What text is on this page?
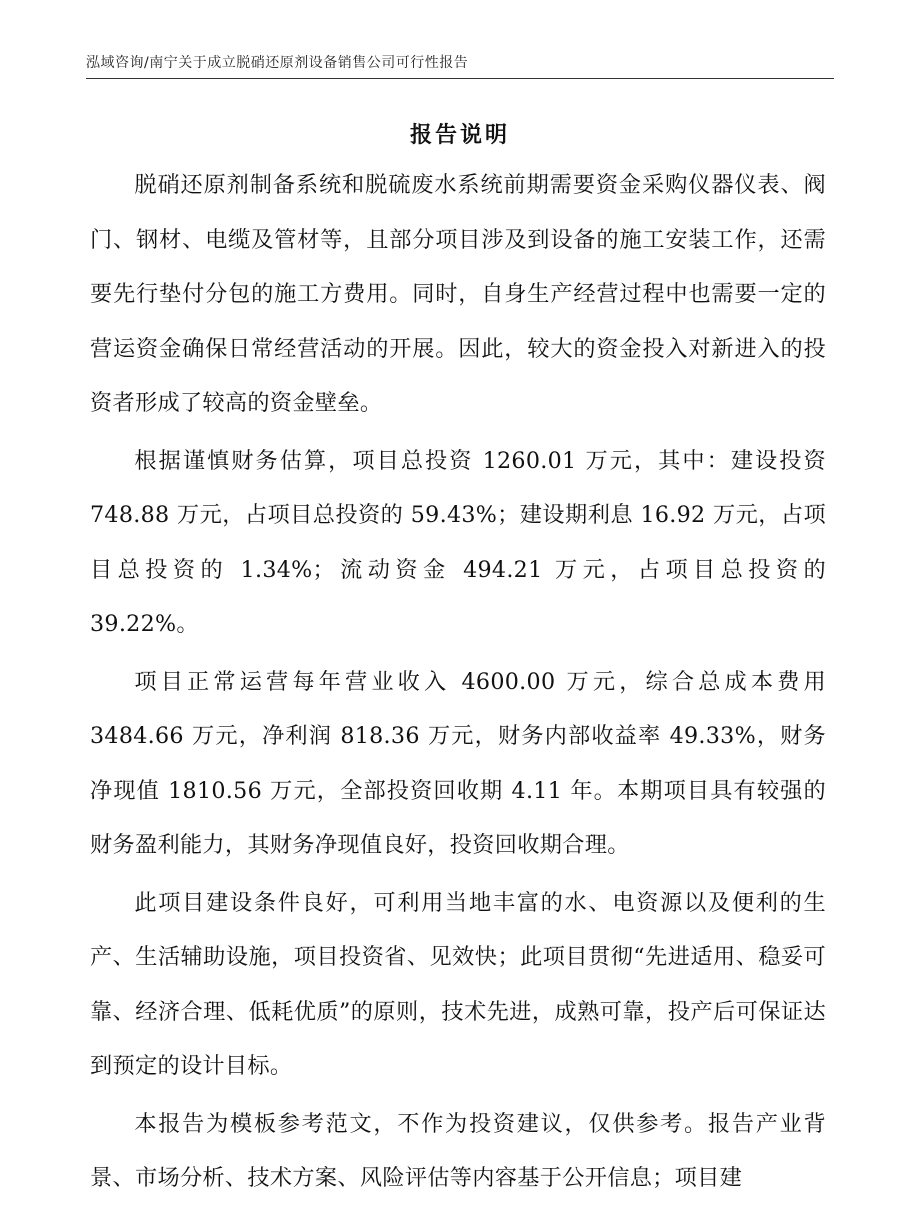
泓域咨询/南宁关于成立脱硝还原剂设备销售公司可行性报告
报告说明

脱硝还原剂制备系统和脱硫废水系统前期需要资金采购仪器仪表、阀门、钢材、电缆及管材等，且部分项目涉及到设备的施工安装工作，还需要先行垫付分包的施工方费用。同时，自身生产经营过程中也需要一定的营运资金确保日常经营活动的开展。因此，较大的资金投入对新进入的投资者形成了较高的资金壁垒。

根据谨慎财务估算，项目总投资 1260.01 万元，其中：建设投资 748.88 万元，占项目总投资的 59.43%；建设期利息 16.92 万元，占项目总投资的 1.34%；流动资金 494.21 万元，占项目总投资的 39.22%。

项目正常运营每年营业收入 4600.00 万元，综合总成本费用 3484.66 万元，净利润 818.36 万元，财务内部收益率 49.33%，财务净现值 1810.56 万元，全部投资回收期 4.11 年。本期项目具有较强的财务盈利能力，其财务净现值良好，投资回收期合理。

此项目建设条件良好，可利用当地丰富的水、电资源以及便利的生产、生活辅助设施，项目投资省、见效快；此项目贯彻“先进适用、稳妥可靠、经济合理、低耗优质”的原则，技术先进，成熟可靠，投产后可保证达到预定的设计目标。

本报告为模板参考范文，不作为投资建议，仅供参考。报告产业背景、市场分析、技术方案、风险评估等内容基于公开信息；项目建
